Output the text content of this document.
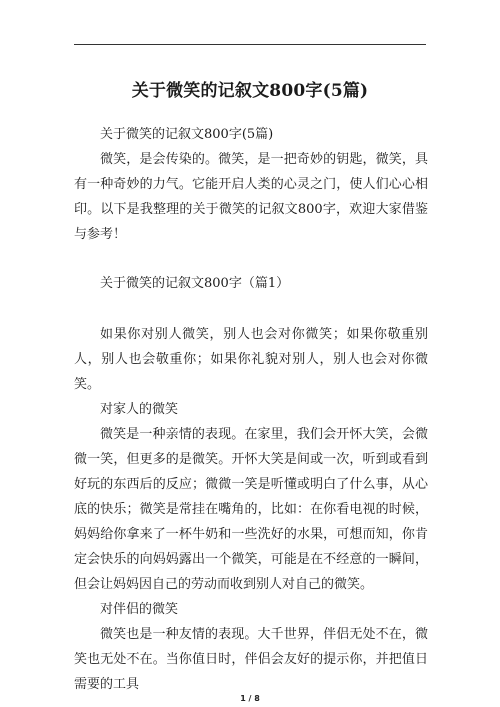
关于微笑的记叙文800字(5篇)

关于微笑的记叙文800字(5篇)

微笑，是会传染的。微笑，是一把奇妙的钥匙，微笑，具有一种奇妙的力气。它能开启人类的心灵之门，使人们心心相印。以下是我整理的关于微笑的记叙文800字，欢迎大家借鉴与参考！

关于微笑的记叙文800字（篇1）

如果你对别人微笑，别人也会对你微笑；如果你敬重别人，别人也会敬重你；如果你礼貌对别人，别人也会对你微笑。

对家人的微笑

微笑是一种亲情的表现。在家里，我们会开怀大笑，会微微一笑，但更多的是微笑。开怀大笑是间或一次，听到或看到好玩的东西后的反应；微微一笑是听懂或明白了什么事，从心底的快乐；微笑是常挂在嘴角的，比如：在你看电视的时候，妈妈给你拿来了一杯牛奶和一些洗好的水果，可想而知，你肯定会快乐的向妈妈露出一个微笑，可能是在不经意的一瞬间，但会让妈妈因自己的劳动而收到别人对自己的微笑。

对伴侣的微笑

微笑也是一种友情的表现。大千世界，伴侣无处不在，微笑也无处不在。当你值日时，伴侣会友好的提示你，并把值日需要的工具

1 / 8
